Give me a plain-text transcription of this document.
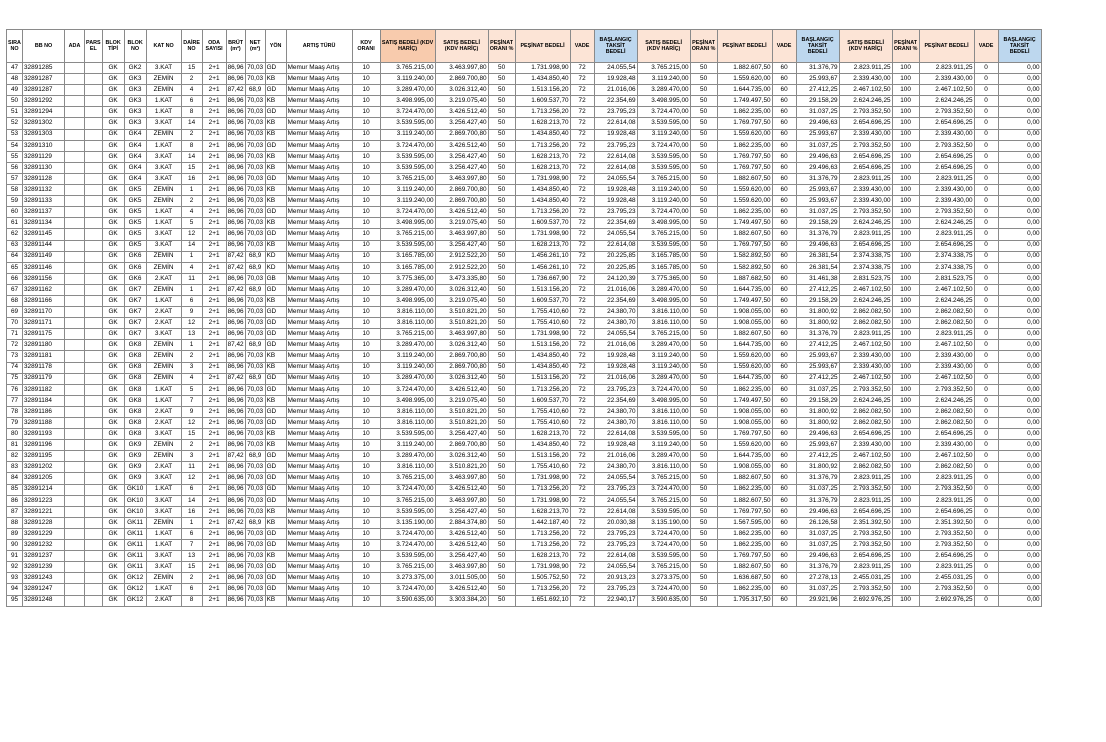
SIRA NO	BB NO	ADA	PARS EL	BLOK TİPİ	BLOK NO	KAT NO	DAİRE NO	ODA SAYISI	BRÜT (m²)	NET (m²)	YÖN	ARTIŞ TÜRÜ	KDV ORANI	SATIŞ BEDELİ (KDV HARİÇ)	SATIŞ BEDELİ (KDV HARİÇ)	PEŞİNAT ORANI %	PEŞİNAT BEDELİ	VADE	BAŞLANGIÇ TAKSİT BEDELİ	SATIŞ BEDELİ (KDV HARİÇ)	PEŞİNAT ORANI %	PEŞİNAT BEDELİ	VADE	BAŞLANGIÇ TAKSİT BEDELİ	SATIŞ BEDELİ (KDV HARİÇ)	PEŞİNAT ORANI %	PEŞİNAT BEDELİ	VADE	BAŞLANGIÇ TAKSİT BEDELİ
47	32891285			GK	GK2	3.KAT	15	2+1	86,96	70,03	GD	Memur Maaş Artış	10	3.765.215,00	3.463.997,80	50	1.731.998,90	72	24.055,54	3.765.215,00	50	1.882.607,50	60	31.376,79	2.823.911,25	100	2.823.911,25	0	0,00
48	32891287			GK	GK3	ZEMİN	2	2+1	86,96	70,03	KB	Memur Maaş Artış	10	3.119.240,00	2.869.700,80	50	1.434.850,40	72	19.928,48	3.119.240,00	50	1.559.620,00	60	25.993,67	2.339.430,00	100	2.339.430,00	0	0,00
49	32891287			GK	GK3	ZEMİN	4	2+1	87,42	68,9	GD	Memur Maaş Artış	10	3.289.470,00	3.026.312,40	50	1.513.156,20	72	21.016,06	3.289.470,00	50	1.644.735,00	60	27.412,25	2.467.102,50	100	2.467.102,50	0	0,00
50	32891292			GK	GK3	1.KAT	6	2+1	86,96	70,03	KB	Memur Maaş Artış	10	3.498.995,00	3.219.075,40	50	1.609.537,70	72	22.354,69	3.498.995,00	50	1.749.497,50	60	29.158,29	2.624.246,25	100	2.624.246,25	0	0,00
51	32891294			GK	GK3	1.KAT	8	2+1	86,96	70,03	GD	Memur Maaş Artış	10	3.724.470,00	3.426.512,40	50	1.713.256,20	72	23.795,23	3.724.470,00	50	1.862.235,00	60	31.037,25	2.793.352,50	100	2.793.352,50	0	0,00
52	32891302			GK	GK3	3.KAT	14	2+1	86,96	70,03	KB	Memur Maaş Artış	10	3.539.595,00	3.256.427,40	50	1.628.213,70	72	22.614,08	3.539.595,00	50	1.769.797,50	60	29.496,63	2.654.696,25	100	2.654.696,25	0	0,00
53	32891303			GK	GK4	ZEMİN	2	2+1	86,96	70,03	KB	Memur Maaş Artış	10	3.119.240,00	2.869.700,80	50	1.434.850,40	72	19.928,48	3.119.240,00	50	1.559.620,00	60	25.993,67	2.339.430,00	100	2.339.430,00	0	0,00
54	32891310			GK	GK4	1.KAT	8	2+1	86,96	70,03	GD	Memur Maaş Artış	10	3.724.470,00	3.426.512,40	50	1.713.256,20	72	23.795,23	3.724.470,00	50	1.862.235,00	60	31.037,25	2.793.352,50	100	2.793.352,50	0	0,00
55	32891129			GK	GK4	3.KAT	14	2+1	86,96	70,03	KB	Memur Maaş Artış	10	3.539.595,00	3.256.427,40	50	1.628.213,70	72	22.614,08	3.539.595,00	50	1.769.797,50	60	29.496,63	2.654.696,25	100	2.654.696,25	0	0,00
56	32891130			GK	GK4	3.KAT	15	2+1	86,96	70,03	KB	Memur Maaş Artış	10	3.539.595,00	3.256.427,40	50	1.628.213,70	72	22.614,08	3.539.595,00	50	1.769.797,50	60	29.496,63	2.654.696,25	100	2.654.696,25	0	0,00
57	32891128			GK	GK4	3.KAT	16	2+1	86,96	70,03	GD	Memur Maaş Artış	10	3.765.215,00	3.463.997,80	50	1.731.998,90	72	24.055,54	3.765.215,00	50	1.882.607,50	60	31.376,79	2.823.911,25	100	2.823.911,25	0	0,00
58	32891132			GK	GK5	ZEMİN	1	2+1	86,96	70,03	KB	Memur Maaş Artış	10	3.119.240,00	2.869.700,80	50	1.434.850,40	72	19.928,48	3.119.240,00	50	1.559.620,00	60	25.993,67	2.339.430,00	100	2.339.430,00	0	0,00
59	32891133			GK	GK5	ZEMİN	2	2+1	86,96	70,03	KB	Memur Maaş Artış	10	3.119.240,00	2.869.700,80	50	1.434.850,40	72	19.928,48	3.119.240,00	50	1.559.620,00	60	25.993,67	2.339.430,00	100	2.339.430,00	0	0,00
60	32891137			GK	GK5	1.KAT	4	2+1	86,96	70,03	GD	Memur Maaş Artış	10	3.724.470,00	3.426.512,40	50	1.713.256,20	72	23.795,23	3.724.470,00	50	1.862.235,00	60	31.037,25	2.793.352,50	100	2.793.352,50	0	0,00
61	32891134			GK	GK5	1.KAT	5	2+1	86,96	70,03	KB	Memur Maaş Artış	10	3.498.995,00	3.219.075,40	50	1.609.537,70	72	22.354,69	3.498.995,00	50	1.749.497,50	60	29.158,29	2.624.246,25	100	2.624.246,25	0	0,00
62	32891145			GK	GK5	3.KAT	12	2+1	86,96	70,03	GD	Memur Maaş Artış	10	3.765.215,00	3.463.997,80	50	1.731.998,90	72	24.055,54	3.765.215,00	50	1.882.607,50	60	31.376,79	2.823.911,25	100	2.823.911,25	0	0,00
63	32891144			GK	GK5	3.KAT	14	2+1	86,96	70,03	KB	Memur Maaş Artış	10	3.539.595,00	3.256.427,40	50	1.628.213,70	72	22.614,08	3.539.595,00	50	1.769.797,50	60	29.496,63	2.654.696,25	100	2.654.696,25	0	0,00
64	32891149			GK	GK6	ZEMİN	1	2+1	87,42	68,9	KD	Memur Maaş Artış	10	3.165.785,00	2.912.522,20	50	1.456.261,10	72	20.225,85	3.165.785,00	50	1.582.892,50	60	26.381,54	2.374.338,75	100	2.374.338,75	0	0,00
65	32891146			GK	GK6	ZEMİN	4	2+1	87,42	68,9	KD	Memur Maaş Artış	10	3.165.785,00	2.912.522,20	50	1.456.261,10	72	20.225,85	3.165.785,00	50	1.582.892,50	60	26.381,54	2.374.338,75	100	2.374.338,75	0	0,00
66	32891156			GK	GK6	2.KAT	11	2+1	86,96	70,03	GB	Memur Maaş Artış	10	3.775.365,00	3.473.335,80	50	1.736.667,90	72	24.120,39	3.775.365,00	50	1.887.682,50	60	31.461,38	2.831.523,75	100	2.831.523,75	0	0,00
67	32891162			GK	GK7	ZEMİN	1	2+1	87,42	68,9	GD	Memur Maaş Artış	10	3.289.470,00	3.026.312,40	50	1.513.156,20	72	21.016,06	3.289.470,00	50	1.644.735,00	60	27.412,25	2.467.102,50	100	2.467.102,50	0	0,00
68	32891166			GK	GK7	1.KAT	6	2+1	86,96	70,03	KB	Memur Maaş Artış	10	3.498.995,00	3.219.075,40	50	1.609.537,70	72	22.354,69	3.498.995,00	50	1.749.497,50	60	29.158,29	2.624.246,25	100	2.624.246,25	0	0,00
69	32891170			GK	GK7	2.KAT	9	2+1	86,96	70,03	GD	Memur Maaş Artış	10	3.816.110,00	3.510.821,20	50	1.755.410,60	72	24.380,70	3.816.110,00	50	1.908.055,00	60	31.800,92	2.862.082,50	100	2.862.082,50	0	0,00
70	32891171			GK	GK7	2.KAT	12	2+1	86,96	70,03	GD	Memur Maaş Artış	10	3.816.110,00	3.510.821,20	50	1.755.410,60	72	24.380,70	3.816.110,00	50	1.908.055,00	60	31.800,92	2.862.082,50	100	2.862.082,50	0	0,00
71	32891175			GK	GK7	3.KAT	13	2+1	86,96	70,03	GD	Memur Maaş Artış	10	3.765.215,00	3.463.997,80	50	1.731.998,90	72	24.055,54	3.765.215,00	50	1.882.607,50	60	31.376,79	2.823.911,25	100	2.823.911,25	0	0,00
72	32891180			GK	GK8	ZEMİN	1	2+1	87,42	68,9	GD	Memur Maaş Artış	10	3.289.470,00	3.026.312,40	50	1.513.156,20	72	21.016,06	3.289.470,00	50	1.644.735,00	60	27.412,25	2.467.102,50	100	2.467.102,50	0	0,00
73	32891181			GK	GK8	ZEMİN	2	2+1	86,96	70,03	KB	Memur Maaş Artış	10	3.119.240,00	2.869.700,80	50	1.434.850,40	72	19.928,48	3.119.240,00	50	1.559.620,00	60	25.993,67	2.339.430,00	100	2.339.430,00	0	0,00
74	32891178			GK	GK8	ZEMİN	3	2+1	86,96	70,03	KB	Memur Maaş Artış	10	3.119.240,00	2.869.700,80	50	1.434.850,40	72	19.928,48	3.119.240,00	50	1.559.620,00	60	25.993,67	2.339.430,00	100	2.339.430,00	0	0,00
75	32891179			GK	GK8	ZEMİN	4	2+1	87,42	68,9	GD	Memur Maaş Artış	10	3.289.470,00	3.026.312,40	50	1.513.156,20	72	21.016,06	3.289.470,00	50	1.644.735,00	60	27.412,25	2.467.102,50	100	2.467.102,50	0	0,00
76	32891182			GK	GK8	1.KAT	5	2+1	86,96	70,03	GD	Memur Maaş Artış	10	3.724.470,00	3.426.512,40	50	1.713.256,20	72	23.795,23	3.724.470,00	50	1.862.235,00	60	31.037,25	2.793.352,50	100	2.793.352,50	0	0,00
77	32891184			GK	GK8	1.KAT	7	2+1	86,96	70,03	KB	Memur Maaş Artış	10	3.498.995,00	3.219.075,40	50	1.609.537,70	72	22.354,69	3.498.995,00	50	1.749.497,50	60	29.158,29	2.624.246,25	100	2.624.246,25	0	0,00
78	32891186			GK	GK8	2.KAT	9	2+1	86,96	70,03	GD	Memur Maaş Artış	10	3.816.110,00	3.510.821,20	50	1.755.410,60	72	24.380,70	3.816.110,00	50	1.908.055,00	60	31.800,92	2.862.082,50	100	2.862.082,50	0	0,00
79	32891188			GK	GK8	2.KAT	12	2+1	86,96	70,03	GD	Memur Maaş Artış	10	3.816.110,00	3.510.821,20	50	1.755.410,60	72	24.380,70	3.816.110,00	50	1.908.055,00	60	31.800,92	2.862.082,50	100	2.862.082,50	0	0,00
80	32891193			GK	GK8	3.KAT	15	2+1	86,96	70,03	KB	Memur Maaş Artış	10	3.539.595,00	3.256.427,40	50	1.628.213,70	72	22.614,08	3.539.595,00	50	1.769.797,50	60	29.496,63	2.654.696,25	100	2.654.696,25	0	0,00
81	32891196			GK	GK9	ZEMİN	2	2+1	86,96	70,03	KB	Memur Maaş Artış	10	3.119.240,00	2.869.700,80	50	1.434.850,40	72	19.928,48	3.119.240,00	50	1.559.620,00	60	25.993,67	2.339.430,00	100	2.339.430,00	0	0,00
82	32891195			GK	GK9	ZEMİN	3	2+1	87,42	68,9	GD	Memur Maaş Artış	10	3.289.470,00	3.026.312,40	50	1.513.156,20	72	21.016,06	3.289.470,00	50	1.644.735,00	60	27.412,25	2.467.102,50	100	2.467.102,50	0	0,00
83	32891202			GK	GK9	2.KAT	11	2+1	86,96	70,03	GD	Memur Maaş Artış	10	3.816.110,00	3.510.821,20	50	1.755.410,60	72	24.380,70	3.816.110,00	50	1.908.055,00	60	31.800,92	2.862.082,50	100	2.862.082,50	0	0,00
84	32891205			GK	GK9	3.KAT	12	2+1	86,96	70,03	GD	Memur Maaş Artış	10	3.765.215,00	3.463.997,80	50	1.731.998,90	72	24.055,54	3.765.215,00	50	1.882.607,50	60	31.376,79	2.823.911,25	100	2.823.911,25	0	0,00
85	32891214			GK	GK10	1.KAT	6	2+1	86,96	70,03	GD	Memur Maaş Artış	10	3.724.470,00	3.426.512,40	50	1.713.256,20	72	23.795,23	3.724.470,00	50	1.862.235,00	60	31.037,25	2.793.352,50	100	2.793.352,50	0	0,00
86	32891223			GK	GK10	3.KAT	14	2+1	86,96	70,03	GD	Memur Maaş Artış	10	3.765.215,00	3.463.997,80	50	1.731.998,90	72	24.055,54	3.765.215,00	50	1.882.607,50	60	31.376,79	2.823.911,25	100	2.823.911,25	0	0,00
87	32891221			GK	GK10	3.KAT	16	2+1	86,96	70,03	KB	Memur Maaş Artış	10	3.539.595,00	3.256.427,40	50	1.628.213,70	72	22.614,08	3.539.595,00	50	1.769.797,50	60	29.496,63	2.654.696,25	100	2.654.696,25	0	0,00
88	32891228			GK	GK11	ZEMİN	1	2+1	87,42	68,9	KB	Memur Maaş Artış	10	3.135.190,00	2.884.374,80	50	1.442.187,40	72	20.030,38	3.135.190,00	50	1.567.595,00	60	26.126,58	2.351.392,50	100	2.351.392,50	0	0,00
89	32891229			GK	GK11	1.KAT	6	2+1	86,96	70,03	GD	Memur Maaş Artış	10	3.724.470,00	3.426.512,40	50	1.713.256,20	72	23.795,23	3.724.470,00	50	1.862.235,00	60	31.037,25	2.793.352,50	100	2.793.352,50	0	0,00
90	32891232			GK	GK11	1.KAT	7	2+1	86,96	70,03	GD	Memur Maaş Artış	10	3.724.470,00	3.426.512,40	50	1.713.256,20	72	23.795,23	3.724.470,00	50	1.862.235,00	60	31.037,25	2.793.352,50	100	2.793.352,50	0	0,00
91	32891237			GK	GK11	3.KAT	13	2+1	86,96	70,03	KB	Memur Maaş Artış	10	3.539.595,00	3.256.427,40	50	1.628.213,70	72	22.614,08	3.539.595,00	50	1.769.797,50	60	29.496,63	2.654.696,25	100	2.654.696,25	0	0,00
92	32891239			GK	GK11	3.KAT	15	2+1	86,96	70,03	GD	Memur Maaş Artış	10	3.765.215,00	3.463.997,80	50	1.731.998,90	72	24.055,54	3.765.215,00	50	1.882.607,50	60	31.376,79	2.823.911,25	100	2.823.911,25	0	0,00
93	32891243			GK	GK12	ZEMİN	2	2+1	86,96	70,03	GD	Memur Maaş Artış	10	3.273.375,00	3.011.505,00	50	1.505.752,50	72	20.913,23	3.273.375,00	50	1.636.687,50	60	27.278,13	2.455.031,25	100	2.455.031,25	0	0,00
94	32891247			GK	GK12	1.KAT	6	2+1	86,96	70,03	GD	Memur Maaş Artış	10	3.724.470,00	3.426.512,40	50	1.713.256,20	72	23.795,23	3.724.470,00	50	1.862.235,00	60	31.037,25	2.793.352,50	100	2.793.352,50	0	0,00
95	32891248			GK	GK12	2.KAT	8	2+1	86,96	70,03	KB	Memur Maaş Artış	10	3.590.635,00	3.303.384,20	50	1.651.692,10	72	22.940,17	3.590.635,00	50	1.795.317,50	60	29.921,96	2.692.976,25	100	2.692.976,25	0	0,00
